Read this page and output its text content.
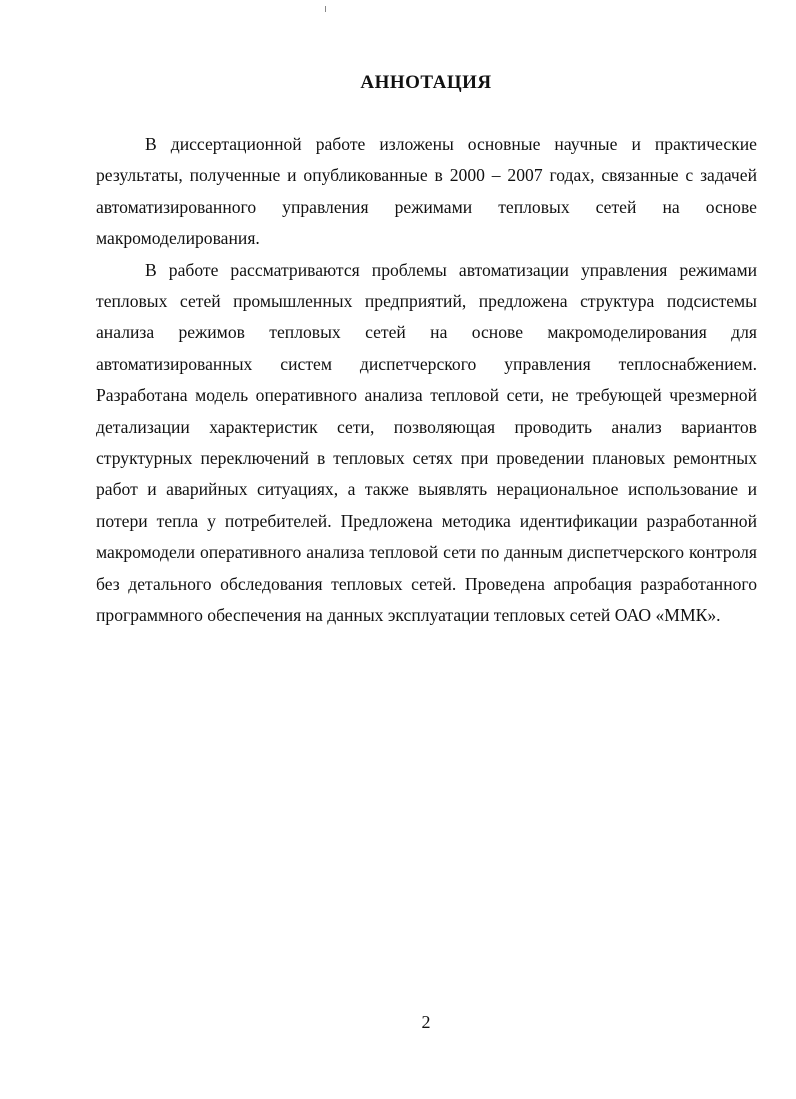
АННОТАЦИЯ

В диссертационной работе изложены основные научные и практические результаты, полученные и опубликованные в 2000 – 2007 годах, связанные с задачей автоматизированного управления режимами тепловых сетей на основе макромоделирования.

В работе рассматриваются проблемы автоматизации управления режимами тепловых сетей промышленных предприятий, предложена структура подсистемы анализа режимов тепловых сетей на основе макромоделирования для автоматизированных систем диспетчерского управления теплоснабжением. Разработана модель оперативного анализа тепловой сети, не требующей чрезмерной детализации характеристик сети, позволяющая проводить анализ вариантов структурных переключений в тепловых сетях при проведении плановых ремонтных работ и аварийных ситуациях, а также выявлять нерациональное использование и потери тепла у потребителей. Предложена методика идентификации разработанной макромодели оперативного анализа тепловой сети по данным диспетчерского контроля без детального обследования тепловых сетей. Проведена апробация разработанного программного обеспечения на данных эксплуатации тепловых сетей ОАО «ММК».

2
